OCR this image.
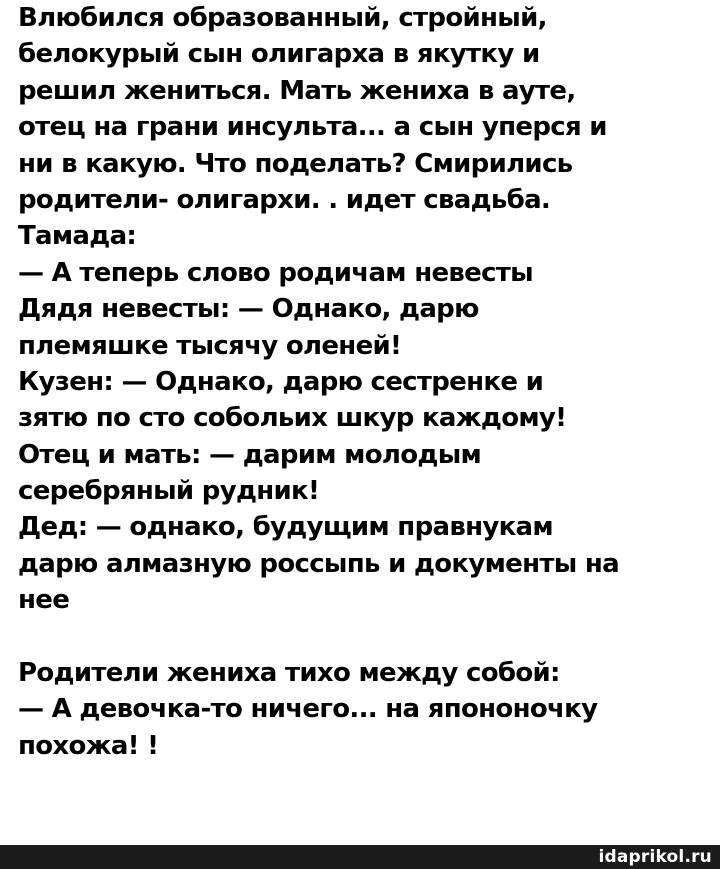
Влюбился образованный, стройный,
белокурый сын олигарха в якутку и
решил жениться. Мать жениха в ауте,
отец на грани инсульта... а сын уперся и
ни в какую. Что поделать? Смирились
родители- олигархи. . идет свадьба.
Тамада:
— А теперь слово родичам невесты
Дядя невесты: — Однако, дарю
племяшке тысячу оленей!
Кузен: — Однако, дарю сестренке и
зятю по сто собольих шкур каждому!
Отец и мать: — дарим молодым
серебряный рудник!
Дед: — однако, будущим правнукам
дарю алмазную россыпь и документы на
нее
Родители жениха тихо между собой:
— А девочка-то ничего... на япононочку
похожа! !
idaprikol.ru
